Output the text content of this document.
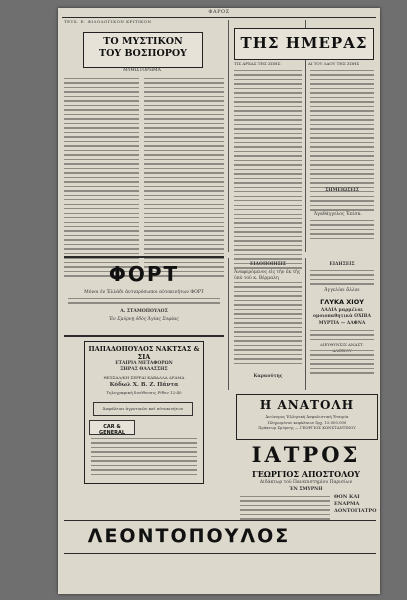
ΦΑΡΟΣ
ΤΕΥΧ. Ε. ΦΙΛΟΛΟΓΙΚΟΝ ΚΡΙΤΙΚΟΝ
ΤΟ ΜΥΣΤΙΚΟΝ
ΤΟΥ ΒΟΣΠΟΡΟΥ
ΜΥΘΙΣΤΟΡΗΜΑ
ΤΗΣ ΗΜΕΡΑΣ
ΤΙΣ ΑΡΧΑΣ ΤΗΣ ΖΩΗΣ	ΑΙ ΤΟΥ ΛΑΟΥ ΤΗΣ ΖΩΗΣ
ΣΗΜΕΙΩΣΕΙΣ
Ἀγαθάγγελος Ἐπίσκ.
ΦΟΡΤ
Μόνοι ἐν Ἑλλάδι ἀντιπρόσωποι αὐτοκινήτων ΦΟΡΤ
Α. ΣΤΑΜΟΠΟΥΛΟΣ
Ἐν Σμύρνῃ ὁδὸς Ἀγίας Σοφίας
ΠΑΠΑΔΟΠΟΥΛΟΣ ΝΑΚΤΣΑΣ & ΣΙΑ
ΕΤΑΙΡΙΑ ΜΕΤΑΦΟΡΩΝ
ΞΗΡΑΣ ΘΑΛΑΣΣΗΣ
ΘΕΣΣΑΛ/ΚΗ ΣΕΡΡΑΙ ΚΑΒΑΛΛΑ ΔΡΑΜΑ
Κόδωλ Χ. Β. Ζ. Πάντα
Τηλεγραφικὴ διεύθυνσις Ρίθεν 12-40
Ἀσφάλειαι ἀγροτικῶν καὶ αὐτοκινήτων
CAR & GENERAL
ΕΙΔΟΠΟΙΗΣΙΣ
Ἀναφερόμενος εἰς τὴν ἐκ τῆς ὑπὸ τοῦ κ. Βέρμαλη
Καραούτης
ΕΙΔΗΣΕΙΣ
Ἀγγελίαι ἄλλαι
ΓΛΥΚΑ ΧΙΟΥ
ΛΑΔΙΑ μαρμέλαι ομοιοπαθητικὰ ΟΧΙΒΑ
ΜΥΡΤΙΑ — ΔΑΦΝΑ
ΔΙΕΥΘΥΝΣΙΣ ΑΝΑΣΤ.
Η ΑΝΑΤΟΛΗ
Ἀνώνυμος Ἑλληνικὴ Ἀσφαλιστικὴ Ἑταιρία
Πληρωμένον κεφάλαιον δρχ. 15.000.000
Πράκτωρ Σμύρνης — ΓΕΩΡΓΙΟΣ ΚΩΝΣΤΑΝΤΙΝΟΥ
ΙΑΤΡΟΣ
ΓΕΩΡΓΙΟΣ ΑΠΟΣΤΟΛΟΥ
Διδάκτωρ τοῦ Πανεπιστημίου Παρισίων
ἘΝ ΣΜΥΡΝΗ
ΘΟΝ ΚΑΙ ΕΝΑΡΜΑ ΔΟΝΤΟΓΙΑΤΡΟ
ΛΕΟΝΤΟΠΟΥΛΟΣ
